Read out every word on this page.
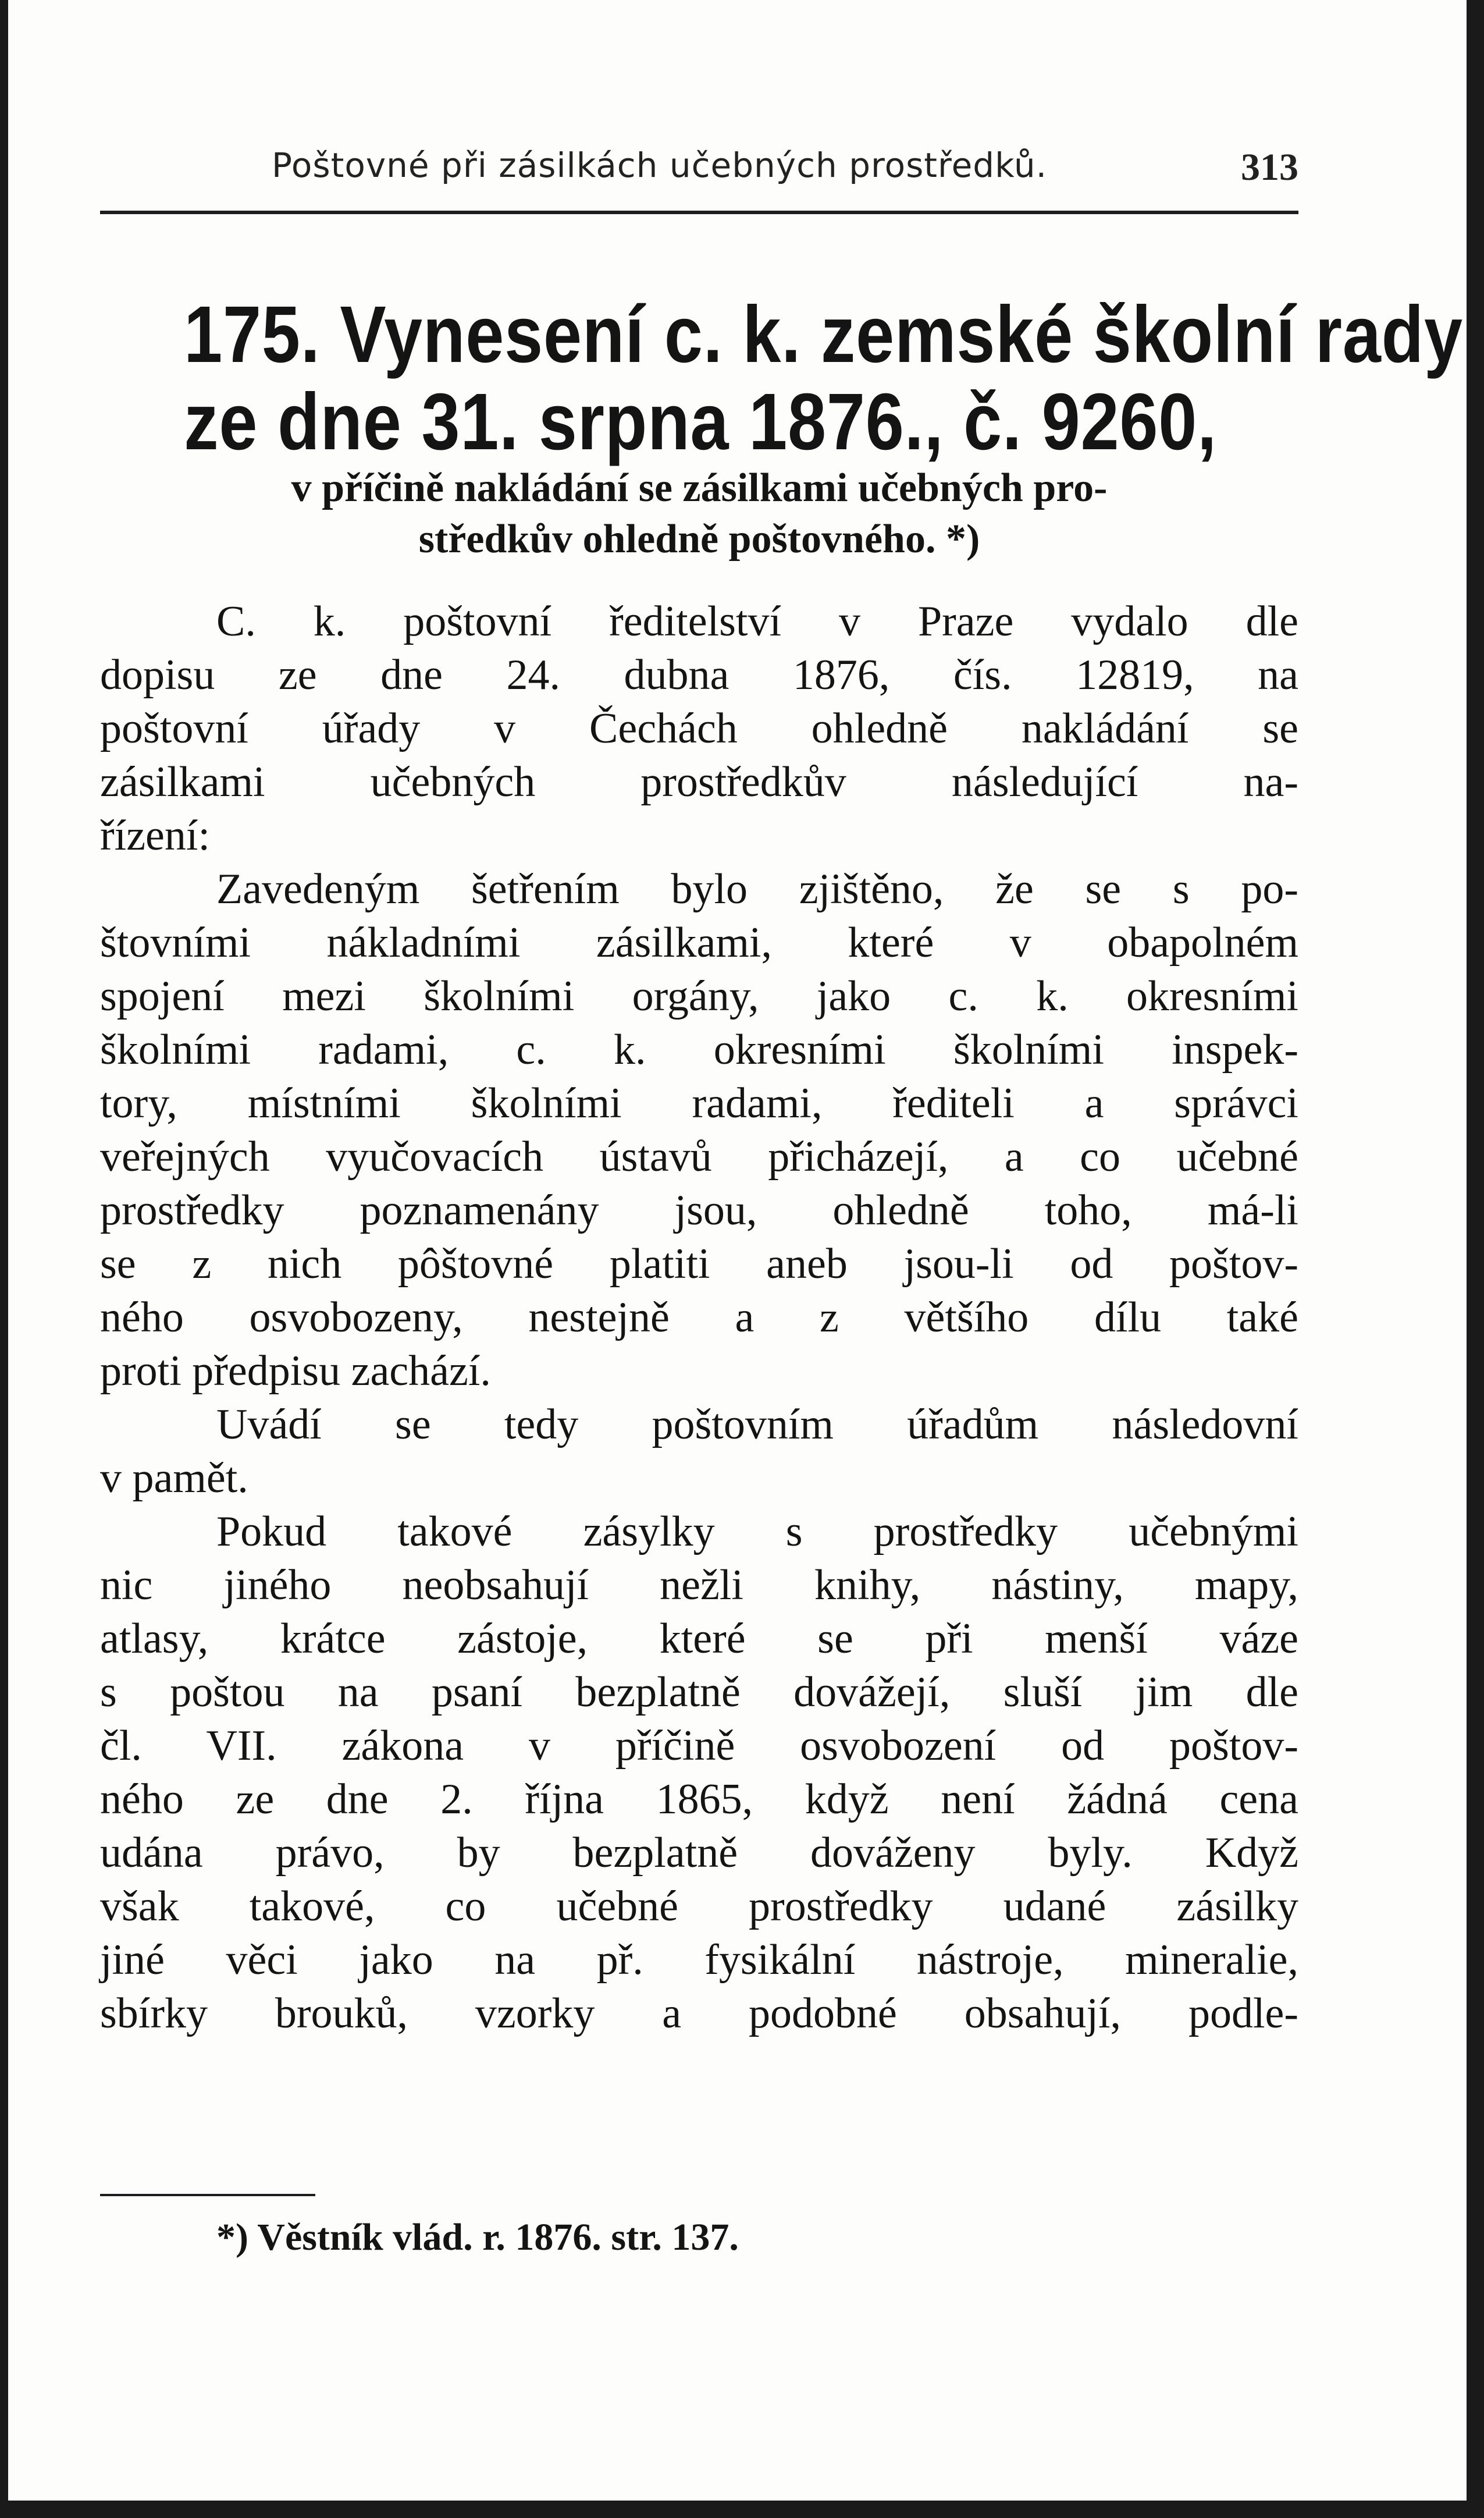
Poštovné při zásilkách učebných prostředků.	313
175. Vynesení c. k. zemské školní rady
ze dne 31. srpna 1876., č. 9260,
v příčině nakládání se zásilkami učebných pro-
středkův ohledně poštovného. *)
C. k. poštovní ředitelství v Praze vydalo dle
dopisu ze dne 24. dubna 1876, čís. 12819, na
poštovní úřady v Čechách ohledně nakládání se
zásilkami učebných prostředkův následující na-
řízení:
Zavedeným šetřením bylo zjištěno, že se s po-
štovními nákladními zásilkami, které v obapolném
spojení mezi školními orgány, jako c. k. okresními
školními radami, c. k. okresními školními inspek-
tory, místními školními radami, řediteli a správci
veřejných vyučovacích ústavů přicházejí, a co učebné
prostředky poznamenány jsou, ohledně toho, má-li
se z nich pôštovné platiti aneb jsou-li od poštov-
ného osvobozeny, nestejně a z většího dílu také
proti předpisu zachází.
Uvádí se tedy poštovním úřadům následovní
v pamět.
Pokud takové zásylky s prostředky učebnými
nic jiného neobsahují nežli knihy, nástiny, mapy,
atlasy, krátce zástoje, které se při menší váze
s poštou na psaní bezplatně dovážejí, sluší jim dle
čl. VII. zákona v příčině osvobození od poštov-
ného ze dne 2. října 1865, když není žádná cena
udána právo, by bezplatně dováženy byly. Když
však takové, co učebné prostředky udané zásilky
jiné věci jako na př. fysikální nástroje, mineralie,
sbírky brouků, vzorky a podobné obsahují, podle-
*) Věstník vlád. r. 1876. str. 137.
